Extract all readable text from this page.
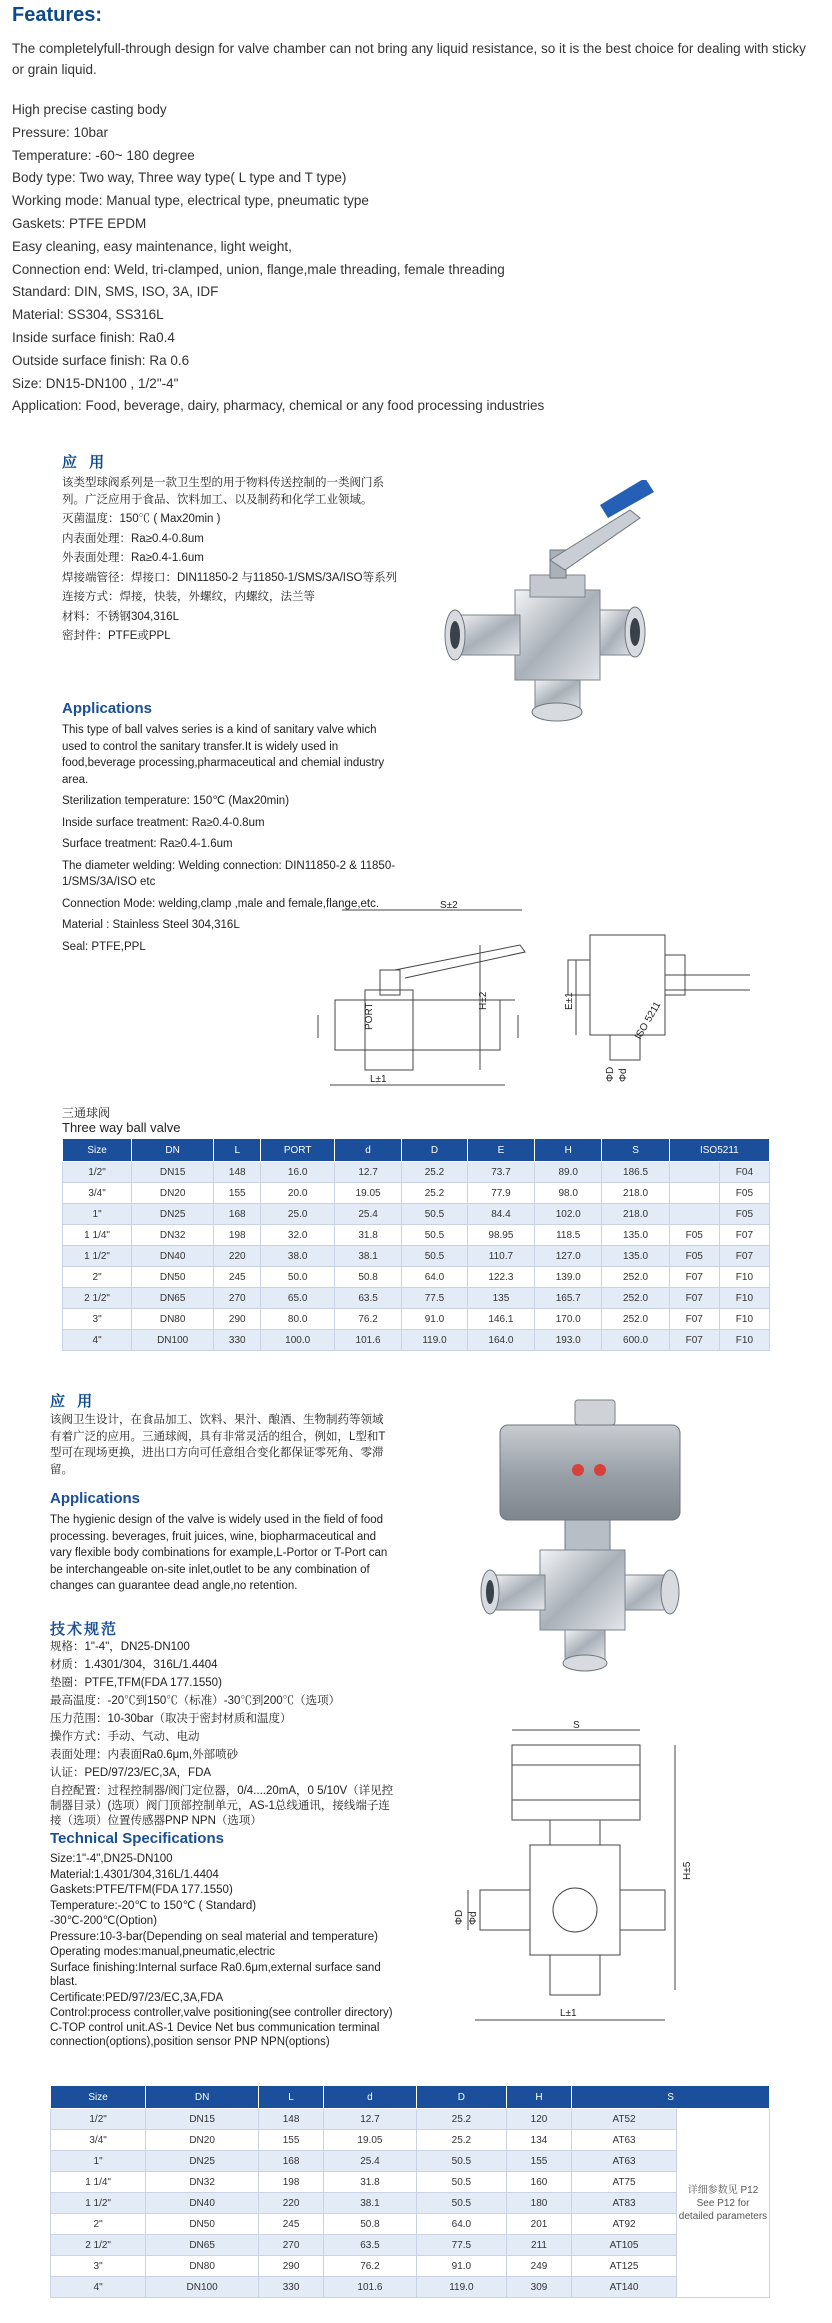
Features:
The completelyfull-through design for valve chamber can not bring any liquid resistance, so it is the best choice for dealing with sticky or grain liquid.
High precise casting body
Pressure: 10bar
Temperature: -60~ 180 degree
Body type: Two way, Three way type( L type and T type)
Working mode: Manual type, electrical type, pneumatic type
Gaskets: PTFE EPDM
Easy cleaning, easy maintenance, light weight,
Connection end: Weld, tri-clamped, union, flange,male threading, female threading
Standard: DIN, SMS, ISO, 3A, IDF
Material: SS304, SS316L
Inside surface finish: Ra0.4
Outside surface finish: Ra 0.6
Size: DN15-DN100 , 1/2"-4"
Application: Food, beverage, dairy, pharmacy, chemical or any food processing industries
应 用
该类型球阀系列是一款卫生型的用于物料传送控制的一类阀门系列。广泛应用于食品、饮料加工、以及制药和化学工业领域。
灭菌温度：150℃ ( Max20min )
内表面处理：Ra≥0.4-0.8um
外表面处理：Ra≥0.4-1.6um
焊接端管径：焊接口：DIN11850-2 与11850-1/SMS/3A/ISO等系列
连接方式：焊接，快装，外螺纹，内螺纹，法兰等
材料：不锈钢304,316L
密封件：PTFE或PPL
Applications
This type of ball valves series is a kind of sanitary valve which used to control the sanitary transfer.It is widely used in food,beverage processing,pharmaceutical and chemial industry area.
Sterilization temperature: 150℃ (Max20min)
Inside surface treatment: Ra≥0.4-0.8um
Surface treatment: Ra≥0.4-1.6um
The diameter welding: Welding connection: DIN11850-2 & 11850-1/SMS/3A/ISO etc
Connection Mode: welding,clamp ,male and female,flange,etc.
Material : Stainless Steel 304,316L
Seal: PTFE,PPL
S±2
H±2
L±1
PORT
E±1	ISO 5211
ΦD Φd
三通球阀
Three way ball valve
Size	DN	L	PORT	d	D	E	H	S	ISO5211	
1/2"	DN15	148	16.0	12.7	25.2	73.7	89.0	186.5		F04
3/4"	DN20	155	20.0	19.05	25.2	77.9	98.0	218.0		F05
1"	DN25	168	25.0	25.4	50.5	84.4	102.0	218.0		F05
1 1/4"	DN32	198	32.0	31.8	50.5	98.95	118.5	135.0	F05	F07
1 1/2"	DN40	220	38.0	38.1	50.5	110.7	127.0	135.0	F05	F07
2"	DN50	245	50.0	50.8	64.0	122.3	139.0	252.0	F07	F10
2 1/2"	DN65	270	65.0	63.5	77.5	135	165.7	252.0	F07	F10
3"	DN80	290	80.0	76.2	91.0	146.1	170.0	252.0	F07	F10
4"	DN100	330	100.0	101.6	119.0	164.0	193.0	600.0	F07	F10
应 用
该阀卫生设计，在食品加工、饮料、果汁、酿酒、生物制药等领域有着广泛的应用。三通球阀，具有非常灵活的组合，例如，L型和T型可在现场更换，进出口方向可任意组合变化都保证零死角、零滞留。
Applications
The hygienic design of the valve is widely used in the field of food processing. beverages, fruit juices, wine, biopharmaceutical and vary flexible body combinations for example,L-Portor or T-Port can be interchangeable on-site inlet,outlet to be any combination of changes can guarantee dead angle,no retention.
技术规范
规格：1"-4"，DN25-DN100
材质：1.4301/304，316L/1.4404
垫圈：PTFE,TFM(FDA 177.1550)
最高温度：-20℃到150℃（标准）-30℃到200℃（选项）
压力范围：10-30bar（取决于密封材质和温度）
操作方式：手动、气动、电动
表面处理：内表面Ra0.6μm,外部喷砂
认证：PED/97/23/EC,3A，FDA
自控配置：过程控制器/阀门定位器，0/4....20mA，0 5/10V（详见控制器目录）(选项）阀门顶部控制单元，AS-1总线通讯，接线端子连接（选项）位置传感器PNP NPN（选项）
Technical Specifications
Size:1"-4",DN25-DN100
Material:1.4301/304,316L/1.4404
Gaskets:PTFE/TFM(FDA 177.1550)
Temperature:-20℃ to 150℃ ( Standard)
-30℃-200℃(Option)
Pressure:10-3-bar(Depending on seal material and temperature)
Operating modes:manual,pneumatic,electric
Surface finishing:Internal surface Ra0.6μm,external surface sand blast.
Certificate:PED/97/23/EC,3A,FDA
Control:process controller,valve positioning(see controller directory) C-TOP control unit.AS-1 Device Net bus communication terminal connection(options),position sensor PNP NPN(options)
S
H±5
L±1
ΦD Φd
Size	DN	L	d	D	H	S	
1/2"	DN15	148	12.7	25.2	120	AT52	详细参数见 P12 See P12 for detailed parameters
3/4"	DN20	155	19.05	25.2	134	AT63	
1"	DN25	168	25.4	50.5	155	AT63	
1 1/4"	DN32	198	31.8	50.5	160	AT75	
1 1/2"	DN40	220	38.1	50.5	180	AT83	
2"	DN50	245	50.8	64.0	201	AT92	
2 1/2"	DN65	270	63.5	77.5	211	AT105	
3"	DN80	290	76.2	91.0	249	AT125	
4"	DN100	330	101.6	119.0	309	AT140	
